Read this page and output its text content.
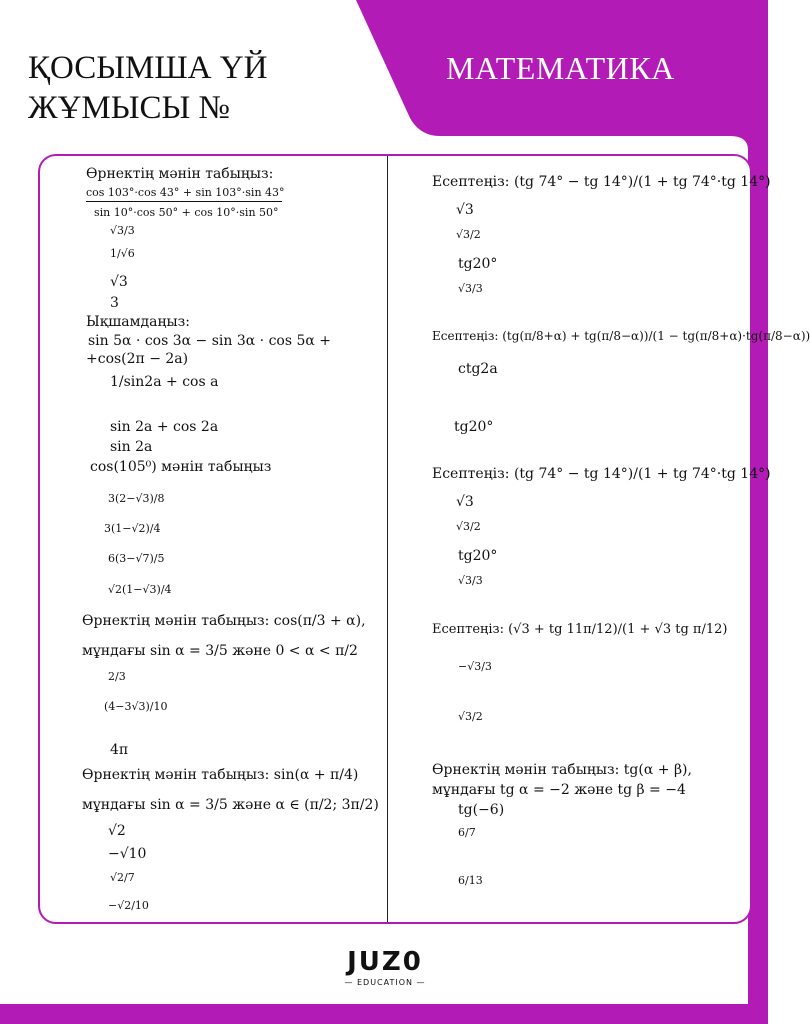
ҚОСЫМША ҮЙ
ЖҰМЫСЫ №
МАТЕМАТИКА
Өрнектің мәнін табыңыз:
cos 103°·cos 43° + sin 103°·sin 43°
sin 10°·cos 50° + cos 10°·sin 50°
√3/3
1/√6
√3
3
Ықшамдаңыз:
sin 5α · cos 3α − sin 3α · cos 5α +
+cos(2π − 2a)
1/sin2a + cos a
sin 2a + cos 2a
sin 2a
cos(105⁰) мәнін табыңыз
3(2−√3)/8
3(1−√2)/4
6(3−√7)/5
√2(1−√3)/4
Өрнектің мәнін табыңыз: cos(π/3 + α),
мұндағы sin α = 3/5 және 0 < α < π/2
2/3
(4−3√3)/10
4π
Өрнектің мәнін табыңыз: sin(α + π/4)
мұндағы sin α = 3/5 және α ∈ (π/2; 3π/2)
√2
−√10
√2/7
−√2/10
Есептеңіз: (tg 74° − tg 14°)/(1 + tg 74°·tg 14°)
√3
√3/2
tg20°
√3/3
Есептеңіз: (tg(π/8+α) + tg(π/8−α))/(1 − tg(π/8+α)·tg(π/8−α))
ctg2a
tg20°
Есептеңіз: (tg 74° − tg 14°)/(1 + tg 74°·tg 14°)
√3
√3/2
tg20°
√3/3
Есептеңіз: (√3 + tg 11π/12)/(1 + √3 tg π/12)
−√3/3
√3/2
Өрнектің мәнін табыңыз: tg(α + β),
мұндағы tg α = −2 және tg β = −4
tg(−6)
6/7
6/13
JUZ0
— EDUCATION —
